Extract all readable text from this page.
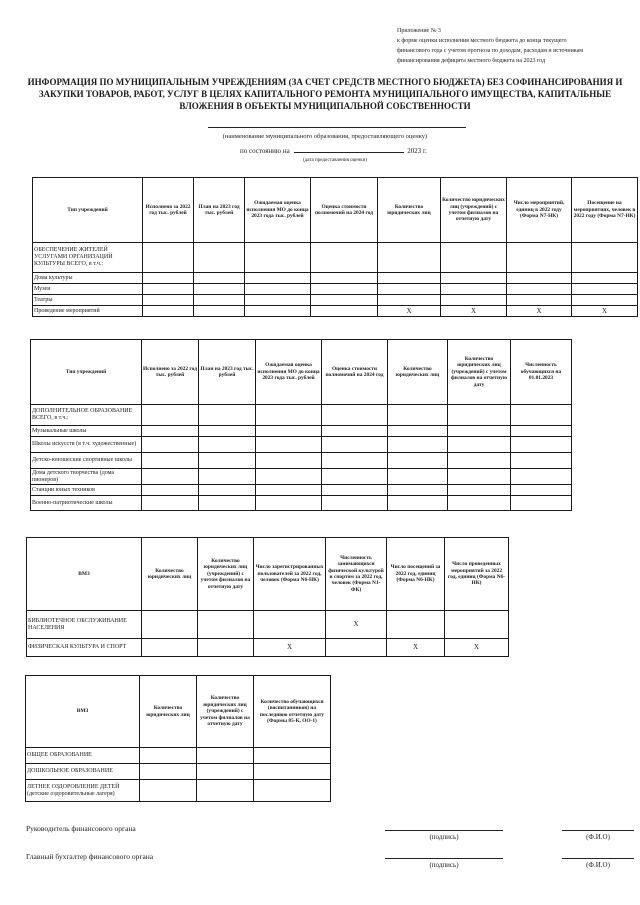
Приложение № 3
к форме оценки исполнения местного бюджета до конца текущего
финансового года с учетом прогноза по доходам, расходам и источникам
финансирования дефицита местного бюджета на 2023 год
ИНФОРМАЦИЯ ПО МУНИЦИПАЛЬНЫМ УЧРЕЖДЕНИЯМ (ЗА СЧЕТ СРЕДСТВ МЕСТНОГО БЮДЖЕТА) БЕЗ СОФИНАНСИРОВАНИЯ И ЗАКУПКИ ТОВАРОВ, РАБОТ, УСЛУГ В ЦЕЛЯХ КАПИТАЛЬНОГО РЕМОНТА МУНИЦИПАЛЬНОГО ИМУЩЕСТВА, КАПИТАЛЬНЫЕ ВЛОЖЕНИЯ В ОБЪЕКТЫ МУНИЦИПАЛЬНОЙ СОБСТВЕННОСТИ
(наименование муниципального образования, предоставляющего оценку)
по состоянию на	2023 г.
(дата предоставления оценки)
Тип учреждений	Исполнено за 2022 год тыс. рублей	План на 2023 год тыс. рублей	Ожидаемая оценка исполнения МО до конца 2023 года тыс. рублей	Оценка стоимости полномочий на 2024 год	Количество юридических лиц	Количество юридических лиц (учреждений) с учетом филиалов на отчетную дату	Число мероприятий, единиц в 2022 году (Форма N7-НК)	Посещение на мероприятиях, человек в 2022 году (Форма N7-НК)
ОБЕСПЕЧЕНИЕ ЖИТЕЛЕЙ УСЛУГАМИ ОРГАНИЗАЦИЙ КУЛЬТУРЫ ВСЕГО, в т.ч.:								
Дома культуры								
Музеи								
Театры								
Проведение мероприятий					X	X	X	X
Тип учреждений	Исполнено за 2022 год тыс. рублей	План на 2023 год тыс. рублей	Ожидаемая оценка исполнения МО до конца 2023 года тыс. рублей	Оценка стоимости полномочий на 2024 год	Количество юридических лиц	Количество юридических лиц (учреждений) с учетом филиалов на отчетную дату	Численность обучающихся на 01.01.2023
ДОПОЛНИТЕЛЬНОЕ ОБРАЗОВАНИЕ ВСЕГО, в т.ч.:							
Музыкальные школы							
Школы искусств (в т.ч. художественные)							
Детско-юношеские спортивные школы							
Дома детского творчества (дома пионеров)							
Станции юных техников							
Военно-патриотические школы							
ВМЗ	Количество юридических лиц	Количество юридических лиц (учреждений) с учетом филиалов на отчетную дату	Число зарегистрированных пользователей за 2022 год, человек (Форма N6-НК)	Численность занимающихся физической культурой и спортом за 2022 год, человек (Форма N1-ФК)	Число посещений за 2022 год, единиц (Форма N6-НК)	Число проведенных мероприятий за 2022 год, единиц (Форма N6-НК)
БИБЛИОТЕЧНОЕ ОБСЛУЖИВАНИЕ НАСЕЛЕНИЯ				X		
ФИЗИЧЕСКАЯ КУЛЬТУРА И СПОРТ			X		X	X
ВМЗ	Количество юридических лиц	Количество юридических лиц (учреждений) с учетом филиалов на отчетную дату	Количество обучающихся (воспитанников) на последнюю отчетную дату (Формы 85-К, ОО-1)
ОБЩЕЕ ОБРАЗОВАНИЕ			
ДОШКОЛЬНОЕ ОБРАЗОВАНИЕ			
ЛЕТНЕЕ ОЗДОРОВЛЕНИЕ ДЕТЕЙ (детские оздоровительные лагеря)			
Руководитель финансового органа
(подпись)	(Ф.И.О)
Главный бухгалтер финансового органа
(подпись)	(Ф.И.О)
